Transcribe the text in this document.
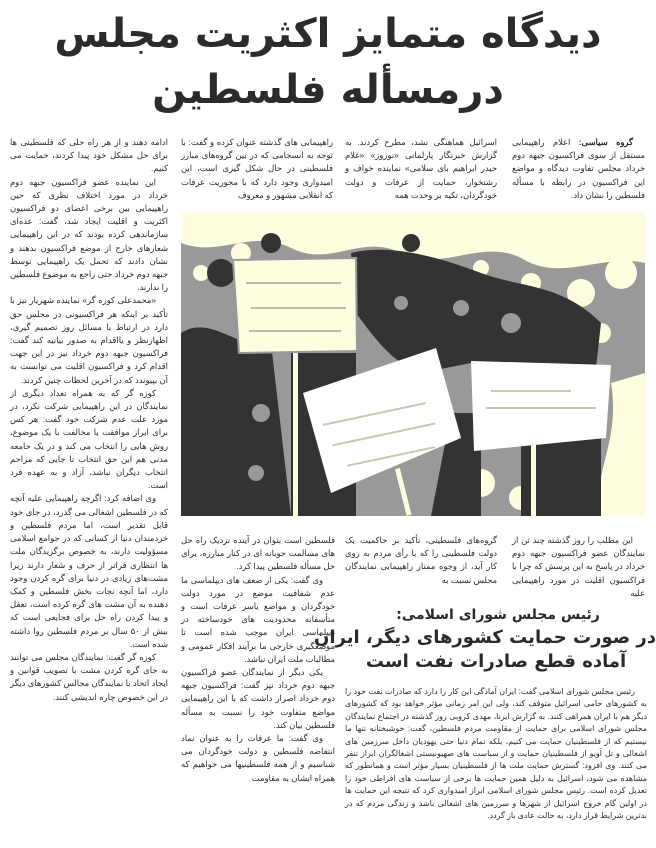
دیدگاه متمایز اکثریت مجلس
درمسأله فلسطین

گروه سیاسی: اعلام راهپیمایی مستقل از سوی فراکسیون جبهه دوم خرداد مجلس تفاوت دیدگاه و مواضع این فراکسیون در رابطه با مسأله فلسطین را نشان داد.

اسرائیل هماهنگی نشد، مطرح کردند. به گزارش خبرنگار پارلمانی «نوروز» «غلام حیدر ابراهیم بای سلامی» نماینده خواف و رشتخوار، حمایت از عرفات و دولت خودگردان، تکیه بر وحدت همه

راهپیمایی های گذشته عنوان کرده و گفت: با توجه به انسجامی که در بین گروه‌های مبارز فلسطینی در حال شکل گیری است، این امیدواری وجود دارد که با محوریت عرفات که انقلابی مشهور و معروف

ادامه دهند و از هر راه حلی که فلسطینی ها برای حل مشکل خود پیدا کردند، حمایت می کنیم.

این نماینده عضو فراکسیون جبهه دوم خرداد در مورد اختلاف نظری که حین راهپیمایی بین برخی اعضای دو فراکسیون اکثریت و اقلیت ایجاد شد، گفت: عده‌ای سازماندهی کرده بودند که در این راهپیمایی شعارهای خارج از موضع فراکسیون بدهند و نشان دادند که تحمل یک راهپیمایی توسط جبهه دوم خرداد حتی راجع به موضوع فلسطین را ندارند.

«محمدعلی کوزه گر» نماینده شهریار نیز با تأکید بر اینکه هر فراکسیونی در مجلس حق دارد در ارتباط با مسائل روز تصمیم گیری، اظهارنظر و یااقدام به صدور بیانیه کند گفت: فراکسیون جبهه دوم خرداد نیز در این جهت اقدام کرد و فراکسیون اقلیت می توانست به آن بپیوندد که در آخرین لحظات چنین کردند.

کوزه گر که به همراه تعداد دیگری از نمایندگان در این راهپیمایی شرکت نکرد، در مورد علت عدم شرکت خود گفت: هر کس برای ابراز موافقت یا مخالفت با یک موضوع، روش هایی را انتخاب می کند و در یک جامعه مدنی هم این حق انتخاب تا جایی که مزاحم انتخاب دیگران نباشد، آزاد و به عهده فرد است.

وی اضافه کرد: اگرچه راهپیمایی علیه آنچه که در فلسطین اشغالی می گذرد، در جای خود قابل تقدیر است، اما مردم فلسطین و خردمندان دنیا از کسانی که در جوامع اسلامی مسؤولیت دارند، به خصوص برگزیدگان ملت ها انتظاری فراتر از حرف و شعار دارند زیرا مشت‌های زیادی در دنیا برای گره کردن وجود دارد، اما آنچه نجات بخش فلسطین و کمک دهنده به آن مشت های گره کرده است، تعقل و پیدا کردن راه حل برای فجایعی است که بیش از ۵۰ سال بر مردم فلسطین روا داشته شده است.

کوزه گر گفت: نمایندگان مجلس می توانند به جای گره کردن مشت با تصویب قوانین و ایجاد اتحاد با نمایندگان مجالس کشورهای دیگر در این خصوص چاره اندیشی کنند.

این مطلب را روز گذشته چند تن از نمایندگان عضو فراکسیون جبهه دوم خرداد در پاسخ به این پرسش که چرا با فراکسیون اقلیت در مورد راهپیمایی علیه

گروه‌های فلسطینی، تأکید بر حاکمیت یک دولت فلسطینی را که با رأی مردم به روی کار آید، از وجوه ممتاز راهپیمایی نمایندگان مجلس نسبت به

فلسطین است بتوان در آینده نزدیک راه حل های مسالمت جویانه ای در کنار مبارزه، برای حل مسأله فلسطین پیدا کرد.

وی گفت: یکی از ضعف های دیپلماسی ما عدم شفافیت موضع در مورد دولت خودگردان و مواضع یاسر عرفات است و متأسفانه محدودیت های خودساخته در دیپلماسی ایران موجب شده است تا موضعگیری خارجی ما برآیند افکار عمومی و مطالبات ملت ایران نباشد.

یکی دیگر از نمایندگان عضو فراکسیون جبهه دوم خرداد نیز گفت: فراکسیون جبهه دوم خرداد اصرار داشت که با این راهپیمایی مواضع متفاوت خود را نسبت به مسأله فلسطین بیان کند.

وی گفت: ما عرفات را به عنوان نماد انتفاضه فلسطین و دولت خودگردان می شناسیم و از همه فلسطینیها می خواهیم که همراه ایشان به مقاومت

رئیس مجلس شورای اسلامی:
در صورت حمایت کشورهای دیگر، ایران
آماده قطع صادرات نفت است

رئیس مجلس شورای اسلامی گفت: ایران آمادگی این کار را دارد که صادرات نفت خود را به کشورهای حامی اسرائیل متوقف کند، ولی این امر زمانی مؤثر خواهد بود که کشورهای دیگر هم با ایران همراهی کنند. به گزارش ایرنا، مهدی کروبی روز گذشته در اجتماع نمایندگان مجلس شورای اسلامی برای حمایت از مقاومت مردم فلسطین، گفت: خوشبختانه تنها ما نیستیم که از فلسطینیان حمایت می کنیم، بلکه تمام دنیا حتی یهودیان داخل سرزمین های اشغالی و تل آویو از فلسطینیان حمایت و از سیاست های صهیونیستی اشغالگران ابراز تنفر می کنند. وی افزود: گسترش حمایت ملت ها از فلسطینیان بسیار مؤثر است و همانطور که مشاهده می شود، اسرائیل به دلیل همین حمایت ها برخی از سیاست های افراطی خود را تعدیل کرده است. رئیس مجلس شورای اسلامی ابراز امیدواری کرد که نتیجه این حمایت ها در اولین گام خروج اسرائیل از شهرها و سرزمین های اشغالی باشد و زندگی مردم که در بدترین شرایط قرار دارد، به حالت عادی باز گردد.
